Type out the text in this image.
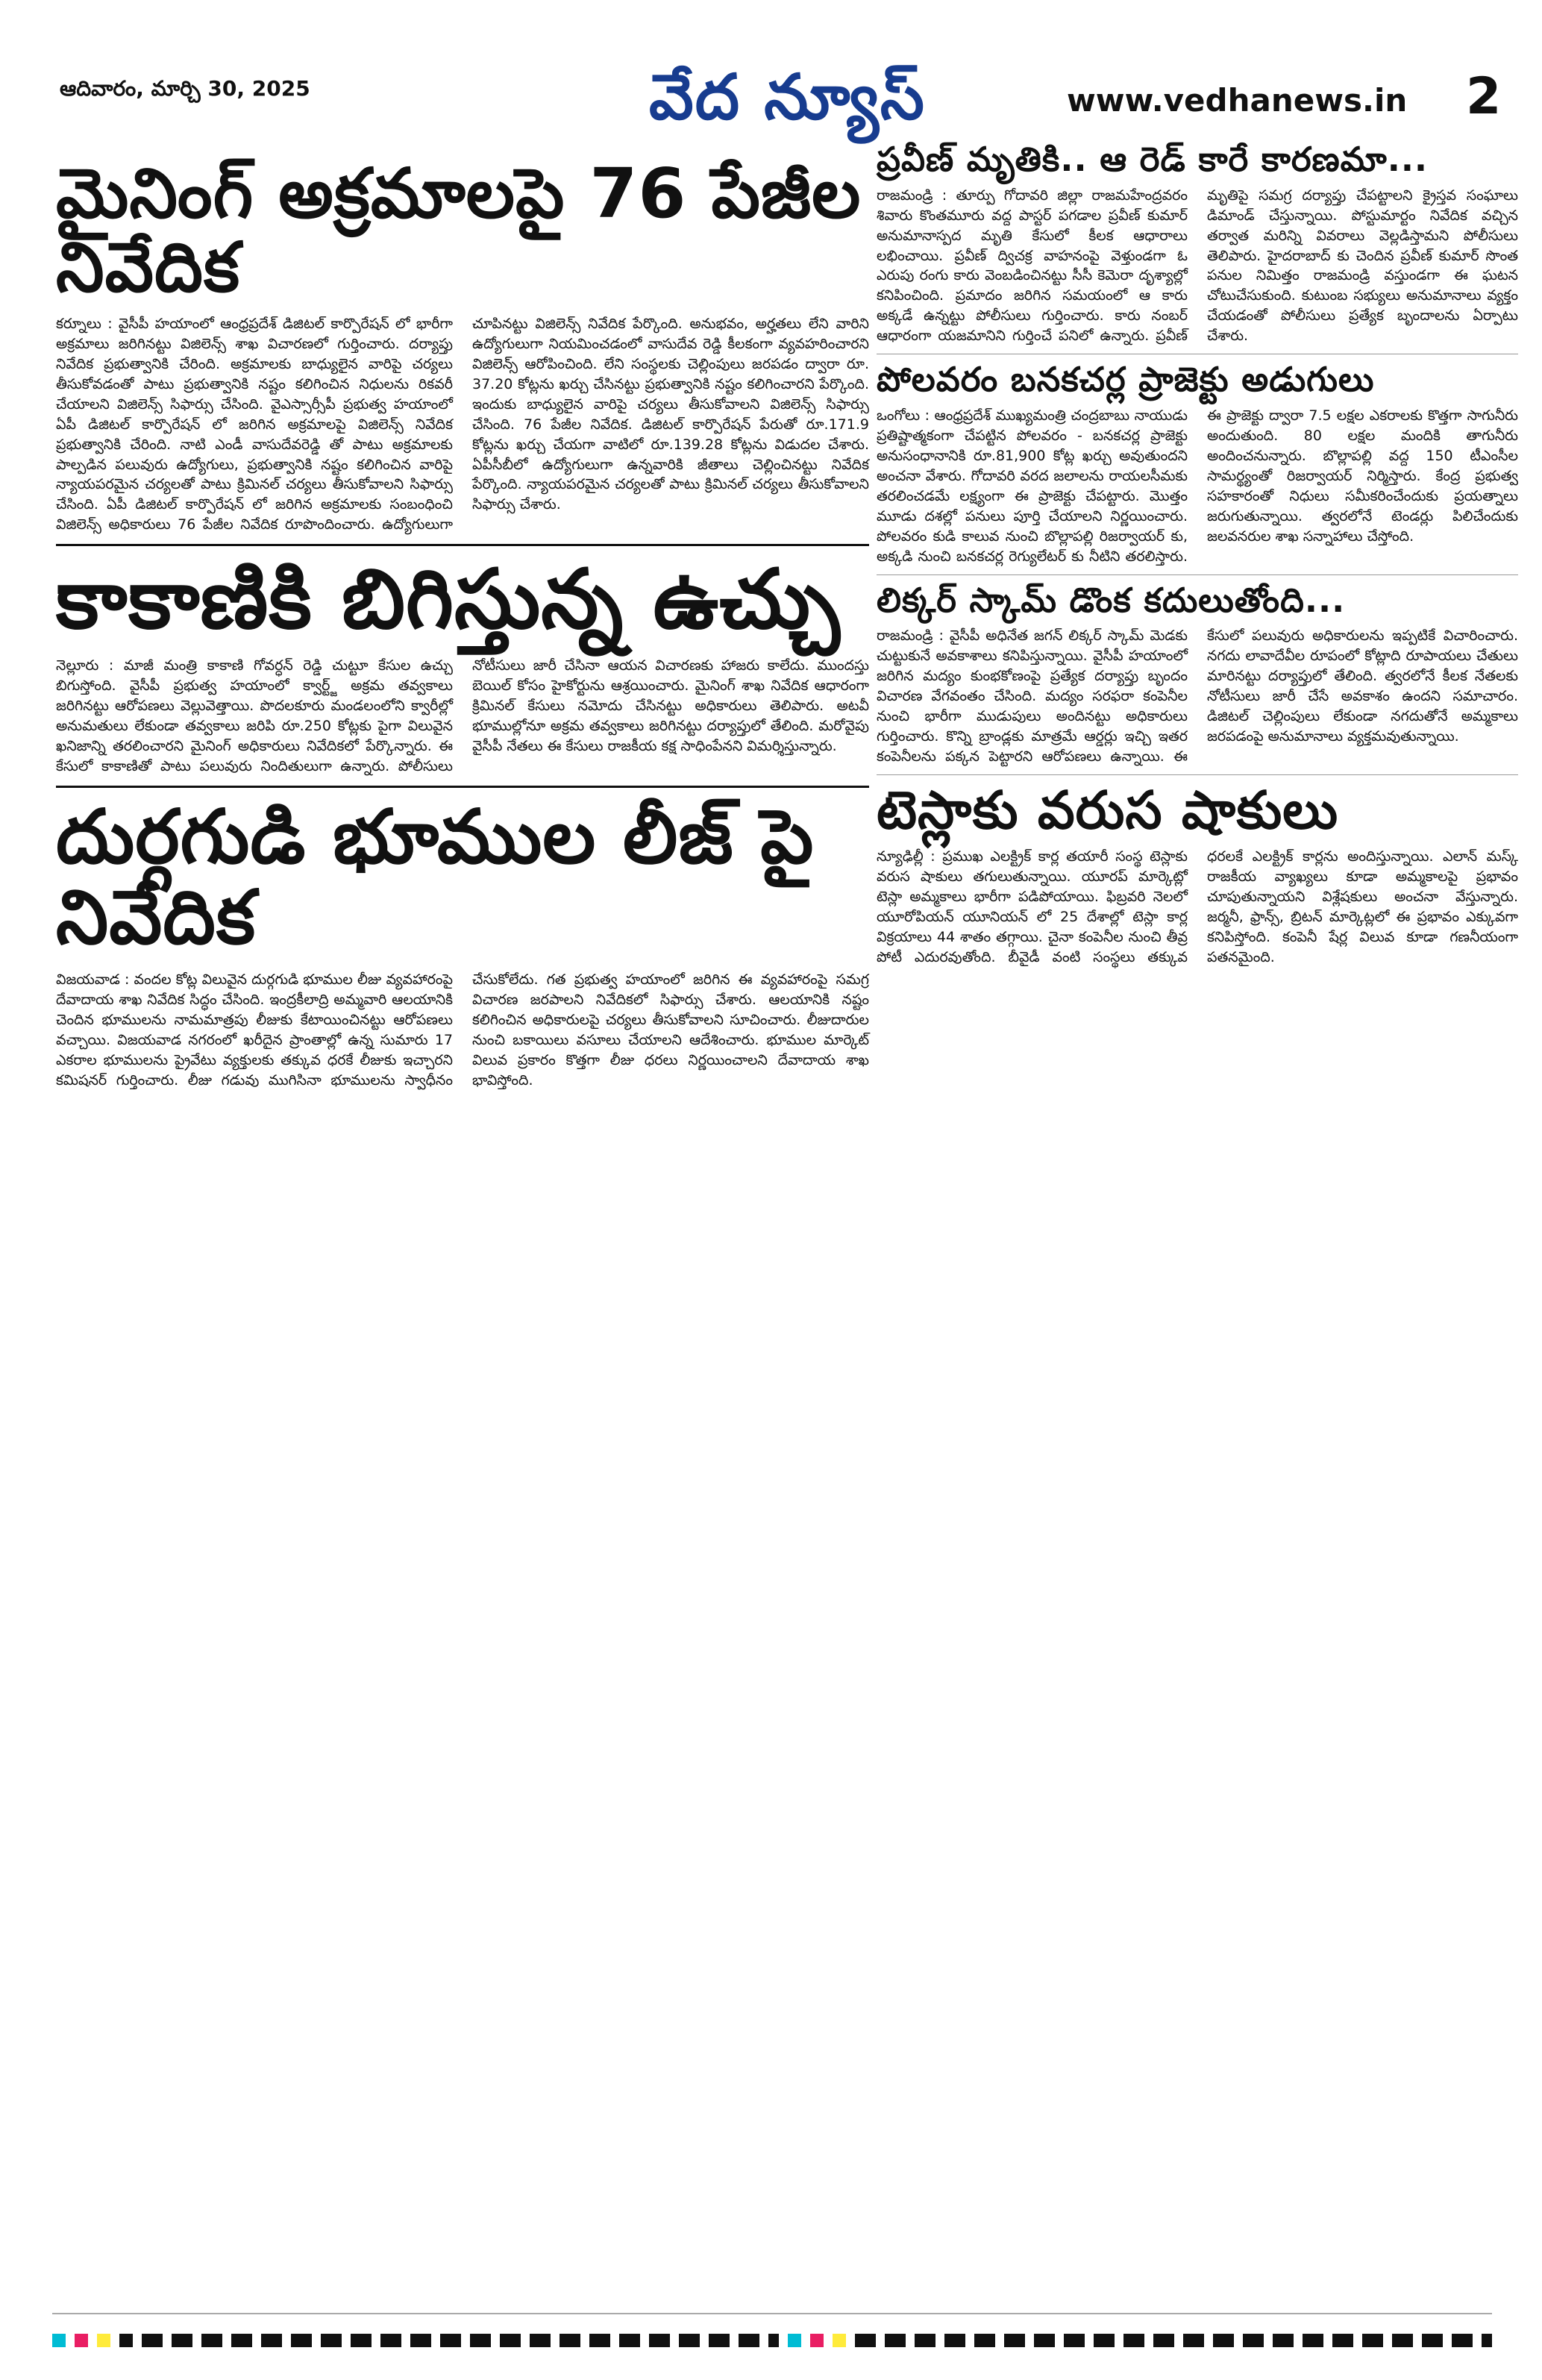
ఆదివారం, మార్చి 30, 2025	వేద న్యూస్	www.vedhanews.in 2
మైనింగ్ అక్రమాలపై 76 పేజీల నివేదిక
కర్నూలు : వైసీపీ హయాంలో ఆంధ్రప్రదేశ్ డిజిటల్ కార్పొరేషన్ లో భారీగా అక్రమాలు జరిగినట్టు విజిలెన్స్ శాఖ విచారణలో గుర్తించారు. దర్యాప్తు నివేదిక ప్రభుత్వానికి చేరింది. అక్రమాలకు బాధ్యులైన వారిపై చర్యలు తీసుకోవడంతో పాటు ప్రభుత్వానికి నష్టం కలిగించిన నిధులను రికవరీ చేయాలని విజిలెన్స్ సిఫార్సు చేసింది. వైఎస్సార్సీపీ ప్రభుత్వ హయాంలో ఏపీ డిజిటల్ కార్పొరేషన్ లో జరిగిన అక్రమాలపై విజిలెన్స్ నివేదిక ప్రభుత్వానికి చేరింది. నాటి ఎండీ వాసుదేవరెడ్డి తో పాటు అక్రమాలకు పాల్పడిన పలువురు ఉద్యోగులు, ప్రభుత్వానికి నష్టం కలిగించిన వారిపై న్యాయపరమైన చర్యలతో పాటు క్రిమినల్ చర్యలు తీసుకోవాలని సిఫార్సు చేసింది. ఏపీ డిజిటల్ కార్పొరేషన్ లో జరిగిన అక్రమాలకు సంబంధించి విజిలెన్స్ అధికారులు 76 పేజీల నివేదిక రూపొందించారు. ఉద్యోగులుగా చూపినట్టు విజిలెన్స్ నివేదిక పేర్కొంది. అనుభవం, అర్హతలు లేని వారిని ఉద్యోగులుగా నియమించడంలో వాసుదేవ రెడ్డి కీలకంగా వ్యవహరించారని విజిలెన్స్ ఆరోపించింది. లేని సంస్థలకు చెల్లింపులు జరపడం ద్వారా రూ. 37.20 కోట్లను ఖర్చు చేసినట్టు ప్రభుత్వానికి నష్టం కలిగించారని పేర్కొంది. ఇందుకు బాధ్యులైన వారిపై చర్యలు తీసుకోవాలని విజిలెన్స్ సిఫార్సు చేసింది. 76 పేజీల నివేదిక. డిజిటల్ కార్పొరేషన్ పేరుతో రూ.171.9 కోట్లను ఖర్చు చేయగా వాటిలో రూ.139.28 కోట్లను విడుదల చేశారు. ఏపీసీబీలో ఉద్యోగులుగా ఉన్నవారికి జీతాలు చెల్లించినట్టు నివేదిక పేర్కొంది. న్యాయపరమైన చర్యలతో పాటు క్రిమినల్ చర్యలు తీసుకోవాలని సిఫార్సు చేశారు.
కాకాణికి బిగిస్తున్న ఉచ్చు
నెల్లూరు : మాజీ మంత్రి కాకాణి గోవర్ధన్ రెడ్డి చుట్టూ కేసుల ఉచ్చు బిగుస్తోంది. వైసీపీ ప్రభుత్వ హయాంలో క్వార్ట్జ్ అక్రమ తవ్వకాలు జరిగినట్టు ఆరోపణలు వెల్లువెత్తాయి. పొదలకూరు మండలంలోని క్వారీల్లో అనుమతులు లేకుండా తవ్వకాలు జరిపి రూ.250 కోట్లకు పైగా విలువైన ఖనిజాన్ని తరలించారని మైనింగ్ అధికారులు నివేదికలో పేర్కొన్నారు. ఈ కేసులో కాకాణితో పాటు పలువురు నిందితులుగా ఉన్నారు. పోలీసులు నోటీసులు జారీ చేసినా ఆయన విచారణకు హాజరు కాలేదు. ముందస్తు బెయిల్ కోసం హైకోర్టును ఆశ్రయించారు. మైనింగ్ శాఖ నివేదిక ఆధారంగా క్రిమినల్ కేసులు నమోదు చేసినట్టు అధికారులు తెలిపారు. అటవీ భూముల్లోనూ అక్రమ తవ్వకాలు జరిగినట్టు దర్యాప్తులో తేలింది. మరోవైపు వైసీపీ నేతలు ఈ కేసులు రాజకీయ కక్ష సాధింపేనని విమర్శిస్తున్నారు.
దుర్గగుడి భూముల లీజ్ పై నివేదిక
విజయవాడ : వందల కోట్ల విలువైన దుర్గగుడి భూముల లీజు వ్యవహారంపై దేవాదాయ శాఖ నివేదిక సిద్ధం చేసింది. ఇంద్రకీలాద్రి అమ్మవారి ఆలయానికి చెందిన భూములను నామమాత్రపు లీజుకు కేటాయించినట్టు ఆరోపణలు వచ్చాయి. విజయవాడ నగరంలో ఖరీదైన ప్రాంతాల్లో ఉన్న సుమారు 17 ఎకరాల భూములను ప్రైవేటు వ్యక్తులకు తక్కువ ధరకే లీజుకు ఇచ్చారని కమిషనర్ గుర్తించారు. లీజు గడువు ముగిసినా భూములను స్వాధీనం చేసుకోలేదు. గత ప్రభుత్వ హయాంలో జరిగిన ఈ వ్యవహారంపై సమగ్ర విచారణ జరపాలని నివేదికలో సిఫార్సు చేశారు. ఆలయానికి నష్టం కలిగించిన అధికారులపై చర్యలు తీసుకోవాలని సూచించారు. లీజుదారుల నుంచి బకాయిలు వసూలు చేయాలని ఆదేశించారు. భూముల మార్కెట్ విలువ ప్రకారం కొత్తగా లీజు ధరలు నిర్ణయించాలని దేవాదాయ శాఖ భావిస్తోంది.
ప్రవీణ్ మృతికి.. ఆ రెడ్ కారే కారణమా...
రాజమండ్రి : తూర్పు గోదావరి జిల్లా రాజమహేంద్రవరం శివారు కొంతమూరు వద్ద పాస్టర్ పగడాల ప్రవీణ్ కుమార్ అనుమానాస్పద మృతి కేసులో కీలక ఆధారాలు లభించాయి. ప్రవీణ్ ద్విచక్ర వాహనంపై వెళ్తుండగా ఓ ఎరుపు రంగు కారు వెంబడించినట్టు సీసీ కెమెరా దృశ్యాల్లో కనిపించింది. ప్రమాదం జరిగిన సమయంలో ఆ కారు అక్కడే ఉన్నట్టు పోలీసులు గుర్తించారు. కారు నంబర్ ఆధారంగా యజమానిని గుర్తించే పనిలో ఉన్నారు. ప్రవీణ్ మృతిపై సమగ్ర దర్యాప్తు చేపట్టాలని క్రైస్తవ సంఘాలు డిమాండ్ చేస్తున్నాయి. పోస్టుమార్టం నివేదిక వచ్చిన తర్వాత మరిన్ని వివరాలు వెల్లడిస్తామని పోలీసులు తెలిపారు. హైదరాబాద్ కు చెందిన ప్రవీణ్ కుమార్ సొంత పనుల నిమిత్తం రాజమండ్రి వస్తుండగా ఈ ఘటన చోటుచేసుకుంది. కుటుంబ సభ్యులు అనుమానాలు వ్యక్తం చేయడంతో పోలీసులు ప్రత్యేక బృందాలను ఏర్పాటు చేశారు.
పోలవరం బనకచర్ల ప్రాజెక్టు అడుగులు
ఒంగోలు : ఆంధ్రప్రదేశ్ ముఖ్యమంత్రి చంద్రబాబు నాయుడు ప్రతిష్టాత్మకంగా చేపట్టిన పోలవరం - బనకచర్ల ప్రాజెక్టు అనుసంధానానికి రూ.81,900 కోట్ల ఖర్చు అవుతుందని అంచనా వేశారు. గోదావరి వరద జలాలను రాయలసీమకు తరలించడమే లక్ష్యంగా ఈ ప్రాజెక్టు చేపట్టారు. మొత్తం మూడు దశల్లో పనులు పూర్తి చేయాలని నిర్ణయించారు. పోలవరం కుడి కాలువ నుంచి బొల్లాపల్లి రిజర్వాయర్ కు, అక్కడి నుంచి బనకచర్ల రెగ్యులేటర్ కు నీటిని తరలిస్తారు. ఈ ప్రాజెక్టు ద్వారా 7.5 లక్షల ఎకరాలకు కొత్తగా సాగునీరు అందుతుంది. 80 లక్షల మందికి తాగునీరు అందించనున్నారు. బొల్లాపల్లి వద్ద 150 టీఎంసీల సామర్థ్యంతో రిజర్వాయర్ నిర్మిస్తారు. కేంద్ర ప్రభుత్వ సహకారంతో నిధులు సమీకరించేందుకు ప్రయత్నాలు జరుగుతున్నాయి. త్వరలోనే టెండర్లు పిలిచేందుకు జలవనరుల శాఖ సన్నాహాలు చేస్తోంది.
లిక్కర్ స్కామ్ డొంక కదులుతోంది...
రాజమండ్రి : వైసీపీ అధినేత జగన్ లిక్కర్ స్కామ్ మెడకు చుట్టుకునే అవకాశాలు కనిపిస్తున్నాయి. వైసీపీ హయాంలో జరిగిన మద్యం కుంభకోణంపై ప్రత్యేక దర్యాప్తు బృందం విచారణ వేగవంతం చేసింది. మద్యం సరఫరా కంపెనీల నుంచి భారీగా ముడుపులు అందినట్టు అధికారులు గుర్తించారు. కొన్ని బ్రాండ్లకు మాత్రమే ఆర్డర్లు ఇచ్చి ఇతర కంపెనీలను పక్కన పెట్టారని ఆరోపణలు ఉన్నాయి. ఈ కేసులో పలువురు అధికారులను ఇప్పటికే విచారించారు. నగదు లావాదేవీల రూపంలో కోట్లాది రూపాయలు చేతులు మారినట్టు దర్యాప్తులో తేలింది. త్వరలోనే కీలక నేతలకు నోటీసులు జారీ చేసే అవకాశం ఉందని సమాచారం. డిజిటల్ చెల్లింపులు లేకుండా నగదుతోనే అమ్మకాలు జరపడంపై అనుమానాలు వ్యక్తమవుతున్నాయి.
టెస్లాకు వరుస షాకులు
న్యూఢిల్లీ : ప్రముఖ ఎలక్ట్రిక్ కార్ల తయారీ సంస్థ టెస్లాకు వరుస షాకులు తగులుతున్నాయి. యూరప్ మార్కెట్లో టెస్లా అమ్మకాలు భారీగా పడిపోయాయి. ఫిబ్రవరి నెలలో యూరోపియన్ యూనియన్ లో 25 దేశాల్లో టెస్లా కార్ల విక్రయాలు 44 శాతం తగ్గాయి. చైనా కంపెనీల నుంచి తీవ్ర పోటీ ఎదురవుతోంది. బీవైడీ వంటి సంస్థలు తక్కువ ధరలకే ఎలక్ట్రిక్ కార్లను అందిస్తున్నాయి. ఎలాన్ మస్క్ రాజకీయ వ్యాఖ్యలు కూడా అమ్మకాలపై ప్రభావం చూపుతున్నాయని విశ్లేషకులు అంచనా వేస్తున్నారు. జర్మనీ, ఫ్రాన్స్, బ్రిటన్ మార్కెట్లలో ఈ ప్రభావం ఎక్కువగా కనిపిస్తోంది. కంపెనీ షేర్ల విలువ కూడా గణనీయంగా పతనమైంది.
